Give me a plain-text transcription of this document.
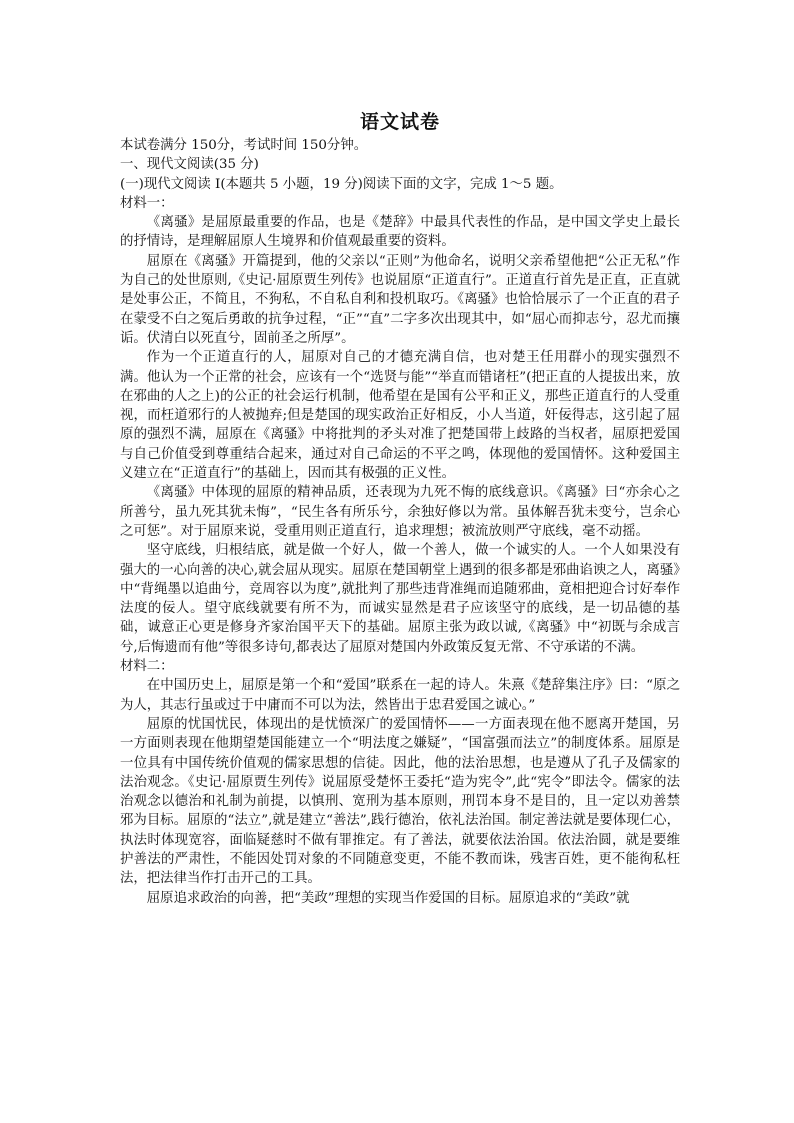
语文试卷

本试卷满分 150分，考试时间 150分钟。

一、现代文阅读(35 分)

(一)现代文阅读 Ⅰ(本题共 5 小题，19 分)阅读下面的文字，完成 1～5 题。

材料一：

《离骚》是屈原最重要的作品，也是《楚辞》中最具代表性的作品，是中国文学史上最长的抒情诗，是理解屈原人生境界和价值观最重要的资料。

屈原在《离骚》开篇提到，他的父亲以“正则”为他命名，说明父亲希望他把“公正无私”作为自己的处世原则,《史记·屈原贾生列传》也说屈原“正道直行”。正道直行首先是正直，正直就是处事公正，不简且，不狗私，不自私自利和投机取巧。《离骚》也恰恰展示了一个正直的君子在蒙受不白之冤后勇敢的抗争过程，“正”“直”二字多次出现其中，如“屈心而抑志兮，忍尤而攘诟。伏清白以死直兮，固前圣之所厚”。

作为一个正道直行的人，屈原对自己的才德充满自信，也对楚王任用群小的现实强烈不满。他认为一个正常的社会，应该有一个“选贤与能”“举直而错诸枉”(把正直的人提拔出来，放在邪曲的人之上)的公正的社会运行机制，他希望在是国有公平和正义，那些正道直行的人受重视，而枉道邪行的人被抛弃;但是楚国的现实政治正好相反，小人当道，奸佞得志，这引起了屈原的强烈不满，屈原在《离骚》中将批判的矛头对准了把楚国带上歧路的当权者，屈原把爱国与自己价值受到尊重结合起来，通过对自己命运的不平之鸣，体现他的爱国情怀。这种爱国主义建立在“正道直行”的基础上，因而其有极强的正义性。

《离骚》中体现的屈原的精神品质，还表现为九死不悔的底线意识。《离骚》曰“亦余心之所善兮，虽九死其犹未悔”，“民生各有所乐兮，余独好修以为常。虽体解吾犹未变兮，岂余心之可惩”。对于屈原来说，受重用则正道直行，追求理想；被流放则严守底线，毫不动摇。

坚守底线，归根结底，就是做一个好人，做一个善人，做一个诚实的人。一个人如果没有强大的一心向善的决心,就会屈从现实。屈原在楚国朝堂上遇到的很多都是邪曲谄谀之人，离骚》中“背绳墨以追曲兮，竞周容以为度”,就批判了那些违背准绳而追随邪曲，竟相把迎合讨好奉作法度的佞人。望守底线就要有所不为，而诚实显然是君子应该坚守的底线，是一切品德的基础，诚意正心更是修身齐家治国平天下的基础。屈原主张为政以诚,《离骚》中“初既与余成言兮,后悔遗而有他”等很多诗句,都表达了屈原对楚国内外政策反复无常、不守承诺的不满。

材料二：

在中国历史上，屈原是第一个和“爱国”联系在一起的诗人。朱熹《楚辞集注序》曰：“原之为人，其志行虽或过于中庸而不可以为法，然皆出于忠君爱国之诚心。”

屈原的忧国忧民，体现出的是忧愤深广的爱国情怀——一方面表现在他不愿离开楚国，另一方面则表现在他期望楚国能建立一个“明法度之嫌疑”，“国富强而法立”的制度体系。屈原是一位具有中国传统价值观的儒家思想的信徒。因此，他的法治思想，也是遵从了孔子及儒家的法治观念。《史记·屈原贾生列传》说屈原受楚怀王委托“造为宪令”,此“宪令”即法令。儒家的法治观念以德治和礼制为前提，以慎刑、宽刑为基本原则，刑罚本身不是目的，且一定以劝善禁邪为目标。屈原的“法立”,就是建立“善法”,践行德治，依礼法治国。制定善法就是要体现仁心，执法时体现宽容，面临疑慈时不做有罪推定。有了善法，就要依法治国。依法治圆，就是要维护善法的严肃性，不能因处罚对象的不同随意变更，不能不教而诛，残害百姓，更不能徇私枉法，把法律当作打击开己的工具。

屈原追求政治的向善，把“美政”理想的实现当作爱国的目标。屈原追求的“美政”就
